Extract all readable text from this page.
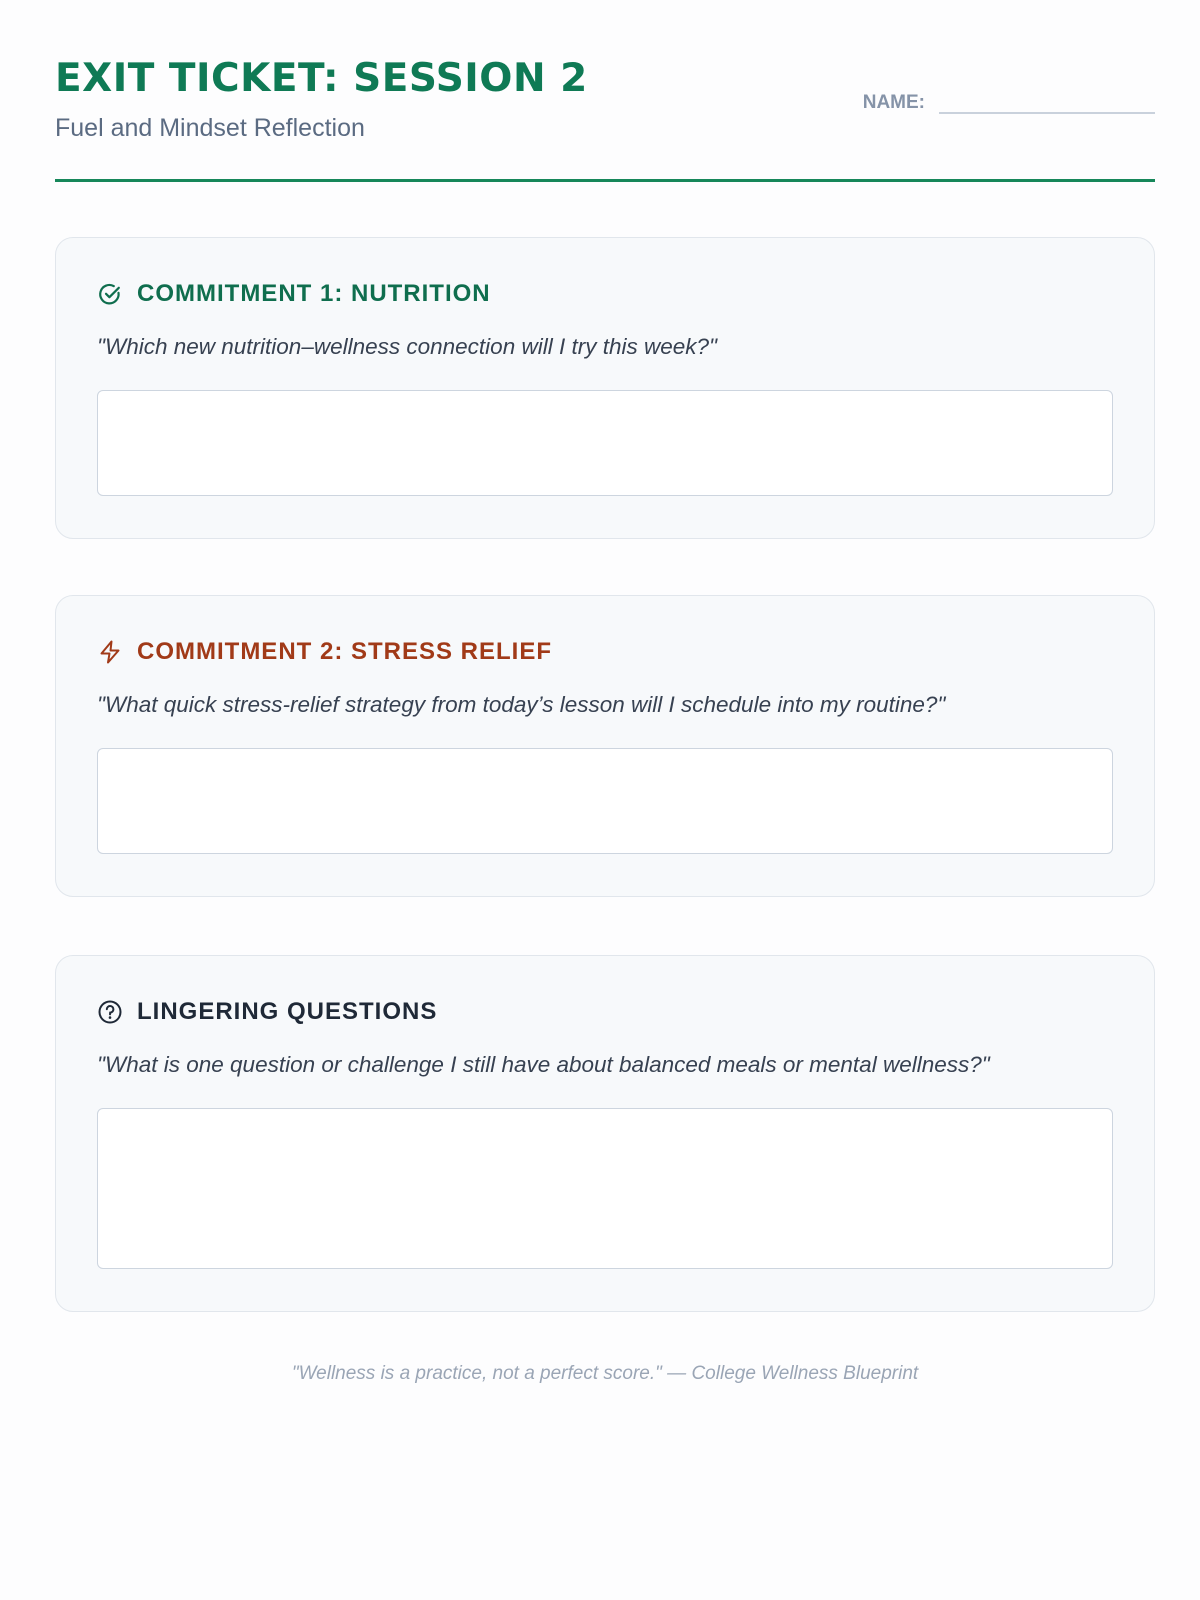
EXIT TICKET: SESSION 2
Fuel and Mindset Reflection
NAME:
COMMITMENT 1: NUTRITION
"Which new nutrition–wellness connection will I try this week?"
COMMITMENT 2: STRESS RELIEF
"What quick stress-relief strategy from today’s lesson will I schedule into my routine?"
LINGERING QUESTIONS
"What is one question or challenge I still have about balanced meals or mental wellness?"
"Wellness is a practice, not a perfect score." — College Wellness Blueprint
